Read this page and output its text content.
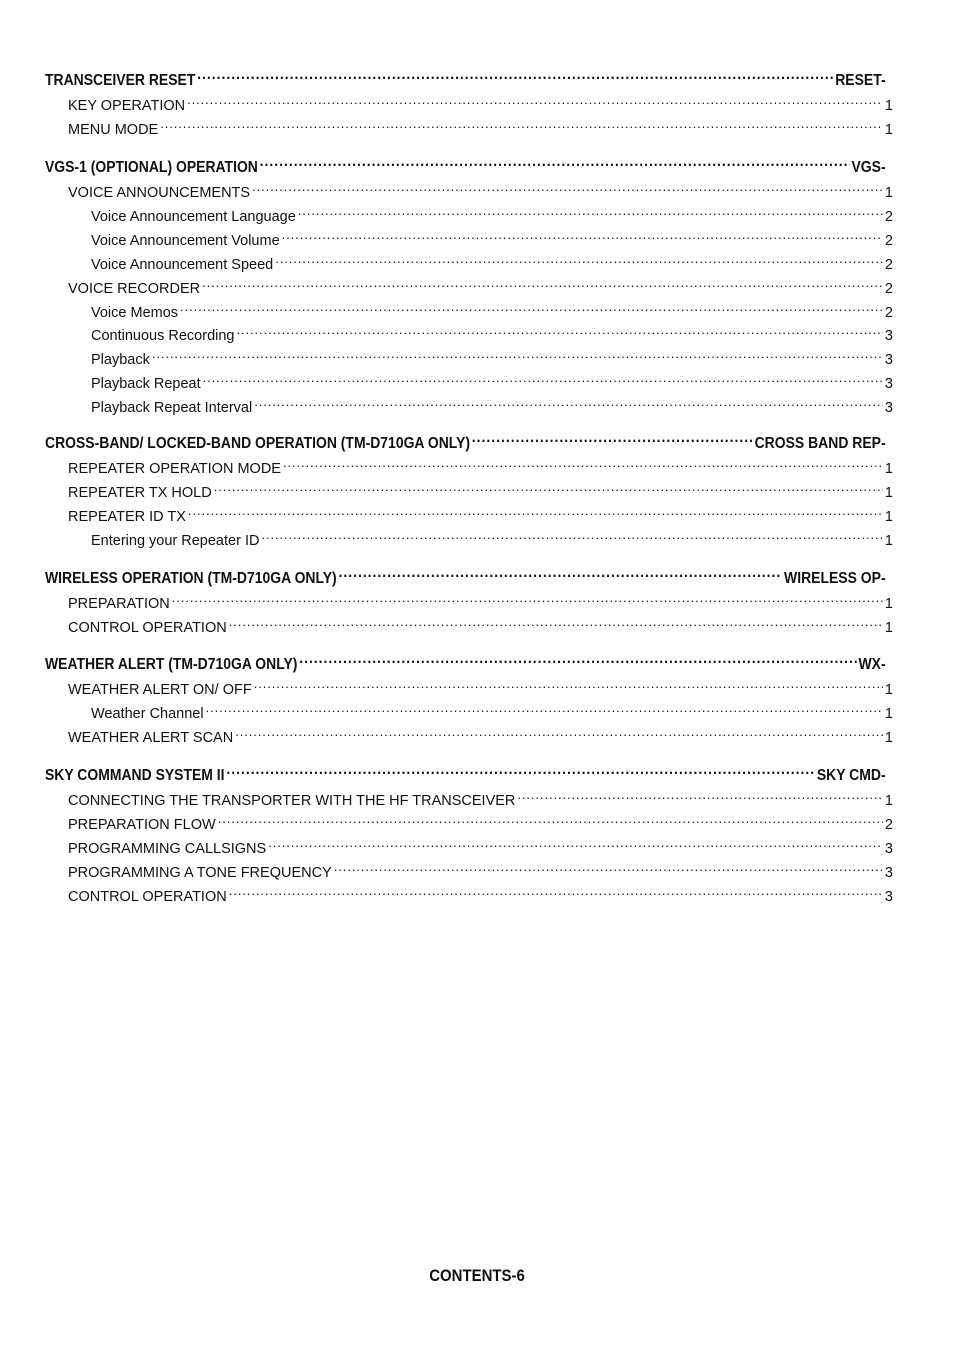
TRANSCEIVER RESET .....	RESET-
KEY OPERATION .....	1
MENU MODE .....	1
VGS-1 (OPTIONAL) OPERATION .....	VGS-
VOICE ANNOUNCEMENTS .....	1
Voice Announcement Language .....	2
Voice Announcement Volume .....	2
Voice Announcement Speed .....	2
VOICE RECORDER .....	2
Voice Memos .....	2
Continuous Recording .....	3
Playback .....	3
Playback Repeat .....	3
Playback Repeat Interval .....	3
CROSS-BAND/ LOCKED-BAND OPERATION (TM-D710GA ONLY) .....	CROSS BAND REP-
REPEATER OPERATION MODE .....	1
REPEATER TX HOLD .....	1
REPEATER ID TX .....	1
Entering your Repeater ID .....	1
WIRELESS OPERATION (TM-D710GA ONLY) .....	WIRELESS OP-
PREPARATION .....	1
CONTROL OPERATION .....	1
WEATHER ALERT (TM-D710GA ONLY) .....	WX-
WEATHER ALERT ON/ OFF .....	1
Weather Channel .....	1
WEATHER ALERT SCAN .....	1
SKY COMMAND SYSTEM II .....	SKY CMD-
CONNECTING THE TRANSPORTER WITH THE HF TRANSCEIVER .....	1
PREPARATION FLOW .....	2
PROGRAMMING CALLSIGNS .....	3
PROGRAMMING A TONE FREQUENCY .....	3
CONTROL OPERATION .....	3
CONTENTS-6
